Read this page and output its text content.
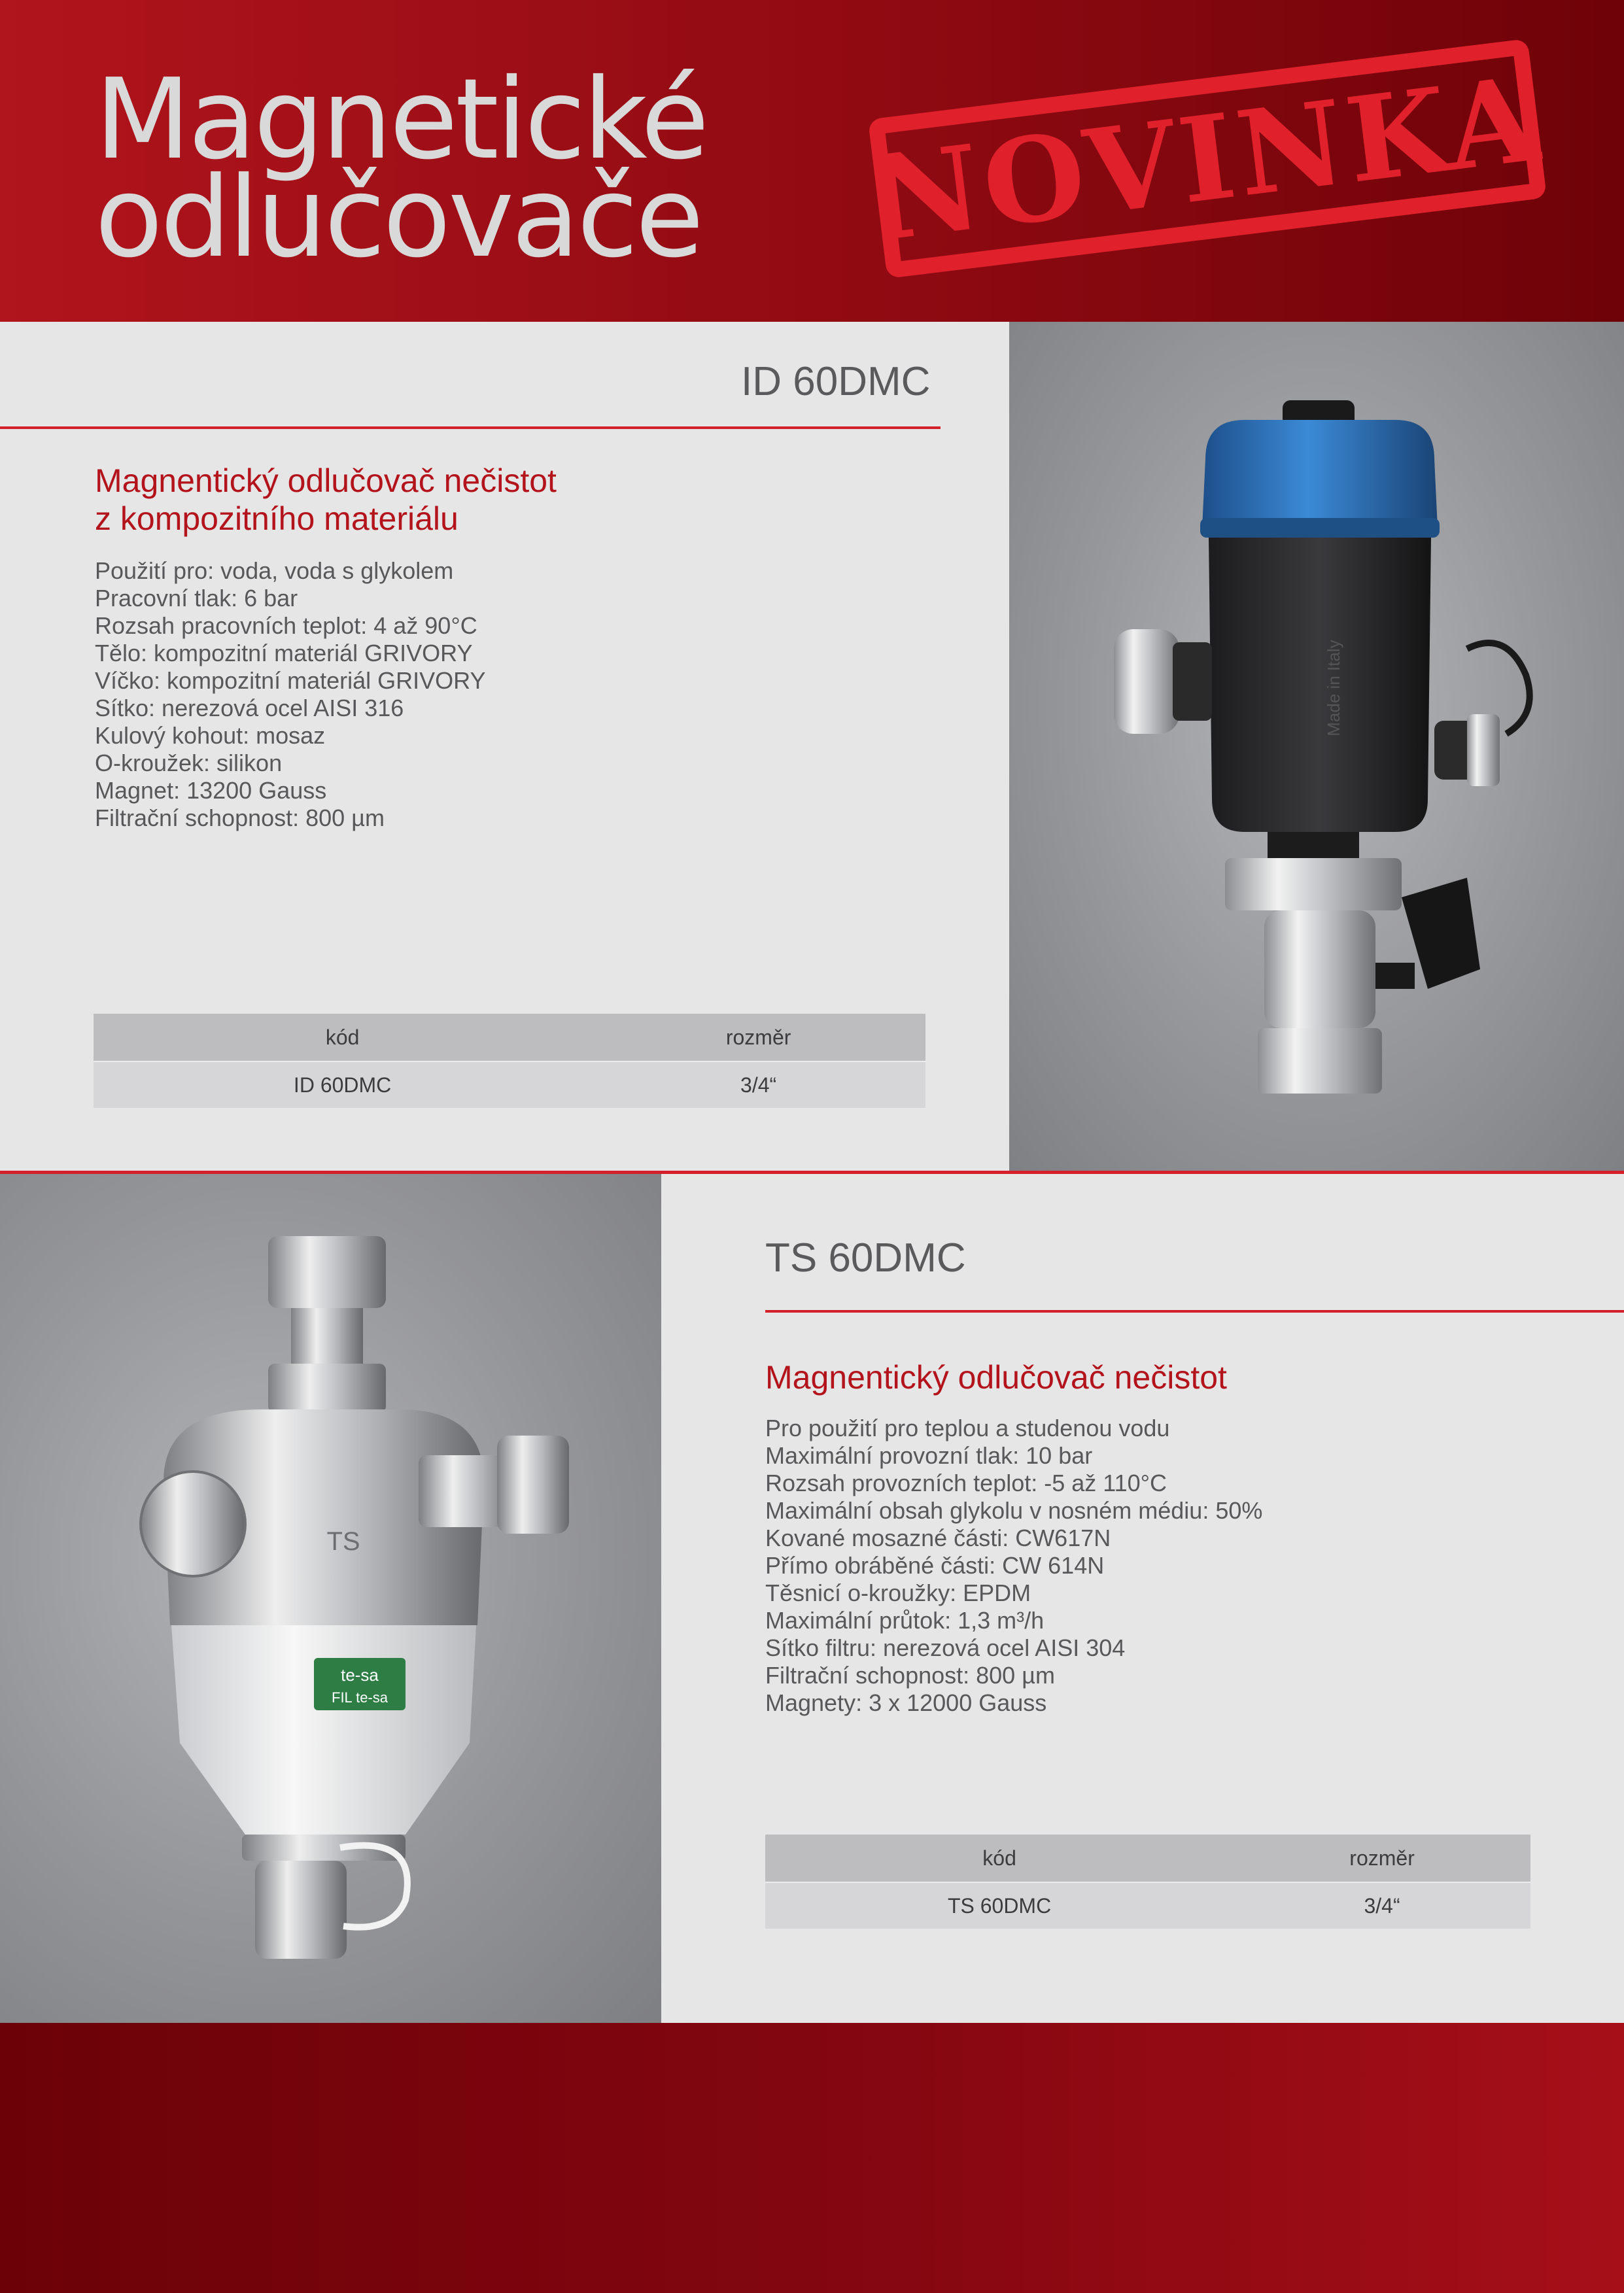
Magnetické
odlučovače NOVINKA
Made in Italy
ID 60DMC
Magnentický odlučovač nečistot
z kompozitního materiálu
Použití pro: voda, voda s glykolem
Pracovní tlak: 6 bar
Rozsah pracovních teplot: 4 až 90°C
Tělo: kompozitní materiál GRIVORY
Víčko: kompozitní materiál GRIVORY
Sítko: nerezová ocel AISI 316
Kulový kohout: mosaz
O-kroužek: silikon
Magnet: 13200 Gauss
Filtrační schopnost: 800 µm
kód	rozměr
ID 60DMC	3/4“
TS
te-sa
FIL te-sa
TS 60DMC
Magnentický odlučovač nečistot
Pro použití pro teplou a studenou vodu
Maximální provozní tlak: 10 bar
Rozsah provozních teplot: -5 až 110°C
Maximální obsah glykolu v nosném médiu: 50%
Kované mosazné části: CW617N
Přímo obráběné části: CW 614N
Těsnicí o-kroužky: EPDM
Maximální průtok: 1,3 m³/h
Sítko filtru: nerezová ocel AISI 304
Filtrační schopnost: 800 µm
Magnety: 3 x 12000 Gauss
kód	rozměr
TS 60DMC	3/4“
